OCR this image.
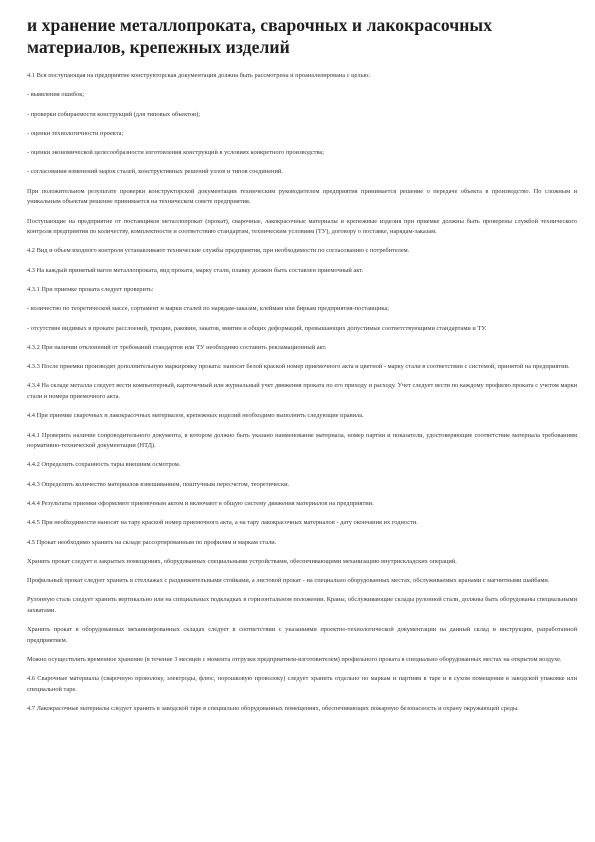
и хранение металлопроката, сварочных и лакокрасочных материалов, крепежных изделий

4.1 Вся поступающая на предприятие конструкторская документация должна быть рассмотрена и проанализирована с целью:

- выявления ошибок;

- проверки собираемости конструкций (для типовых объектов);

- оценки технологичности проекта;

- оценки экономической целесообразности изготовления конструкций в условиях конкретного производства;

- согласования изменений марок сталей, конструктивных решений узлов и типов соединений.

При положительном результате проверки конструкторской документации техническим руководителем предприятия принимается решение о передаче объекта в производство. По сложным и уникальным объектам решение принимается на техническом совете предприятия.

Поступающие на предприятие от поставщиков металлопрокат (прокат), сварочные, лакокрасочные материалы и крепежные изделия при приемке должны быть проверены службой технического контроля предприятия по количеству, комплектности и соответствию стандартам, техническим условиям (ТУ), договору о поставке, нарядам-заказам.

4.2 Вид и объем входного контроля устанавливают технические службы предприятия, при необходимости по согласованию с потребителем.

4.3 На каждый принятый вагон металлопроката, вид проката, марку стали, плавку должен быть составлен приемочный акт.

4.3.1 При приемке проката следует проверить:

- количество по теоретической массе, сортамент и марки сталей по нарядам-заказам, клеймам или биркам предприятия-поставщика;

- отсутствие видимых в прокате расслоений, трещин, раковин, закатов, вмятин и общих деформаций, превышающих допустимые соответствующими стандартами и ТУ.

4.3.2 При наличии отклонений от требований стандартов или ТУ необходимо составить рекламационный акт.

4.3.3 После приемки производят дополнительную маркировку проката: наносят белой краской номер приемочного акта и цветной - марку стали в соответствии с системой, принятой на предприятии.

4.3.4 На складе металла следует вести компьютерный, карточечный или журнальный учет движения проката по его приходу и расходу. Учет следует вести по каждому профилю проката с учетом марки стали и номера приемочного акта.

4.4 При приемке сварочных и лакокрасочных материалов, крепежных изделий необходимо выполнить следующие правила.

4.4.1 Проверить наличие сопроводительного документа, в котором должно быть указано наименование материала, номер партии и показатели, удостоверяющие соответствие материала требованиям нормативно-технической документации (НТД).

4.4.2 Определить сохранность тары внешним осмотром.

4.4.3 Определить количество материалов взвешиванием, поштучным пересчетом, теоретически.

4.4.4 Результаты приемки оформляют приемочным актом и включают в общую систему движения материалов на предприятии.

4.4.5 При необходимости наносят на тару краской номер приемочного акта, а на тару лакокрасочных материалов - дату окончания их годности.

4.5 Прокат необходимо хранить на складе рассортированным по профилям и маркам стали.

Хранить прокат следует в закрытых помещениях, оборудованных специальными устройствами, обеспечивающими механизацию внутрискладских операций.

Профильный прокат следует хранить в стеллажах с раздвижительными стойками, а листовой прокат - на специально оборудованных местах, обслуживаемых кранами с магнитными шайбами.

Рулонную сталь следует хранить вертикально или на специальных подкладках в горизонтальном положении. Краны, обслуживающие склады рулонной стали, должны быть оборудованы специальными захватами.

Хранить прокат в оборудованных механизированных складах следует в соответствии с указаниями проектно-технологической документации на данный склад и инструкции, разработанной предприятием.

Можно осуществлять временное хранение (в течение 3 месяцев с момента отгрузки предприятием-изготовителем) профильного проката в специально оборудованных местах на открытом воздухе.

4.6 Сварочные материалы (сварочную проволоку, электроды, флюс, порошковую проволоку) следует хранить отдельно по маркам и партиям в таре и в сухом помещении в заводской упаковке или специальной таре.

4.7 Лакокрасочные материалы следует хранить в заводской таре в специально оборудованных помещениях, обеспечивающих пожарную безопасность и охрану окружающей среды.
